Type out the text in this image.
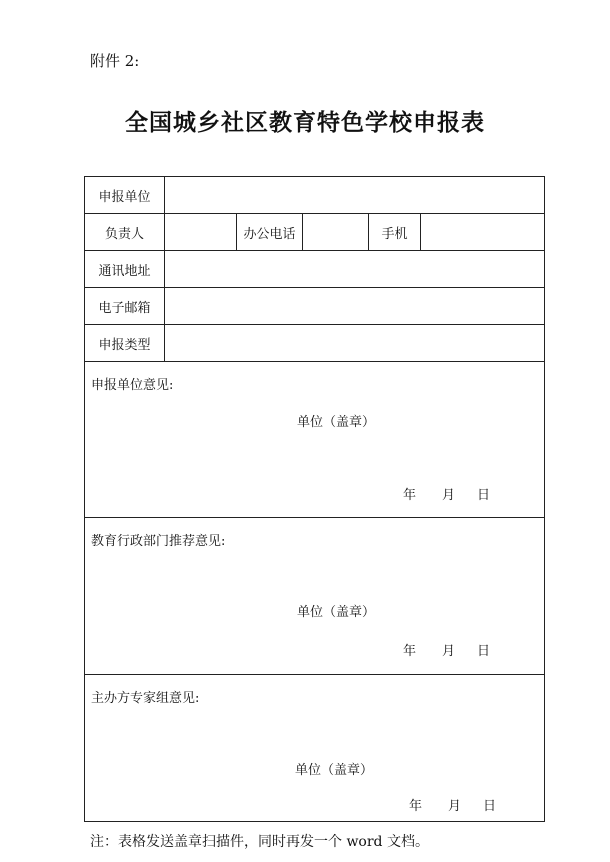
附件 2:
全国城乡社区教育特色学校申报表
申报单位					
负责人		办公电话		手机	
通讯地址					
电子邮箱					
申报类型					

申报单位意见:
单位（盖章）
年 月 日					

教育行政部门推荐意见:
单位（盖章）
年 月 日					

主办方专家组意见:
单位（盖章）
年 月 日					
注：表格发送盖章扫描件，同时再发一个 word 文档。
